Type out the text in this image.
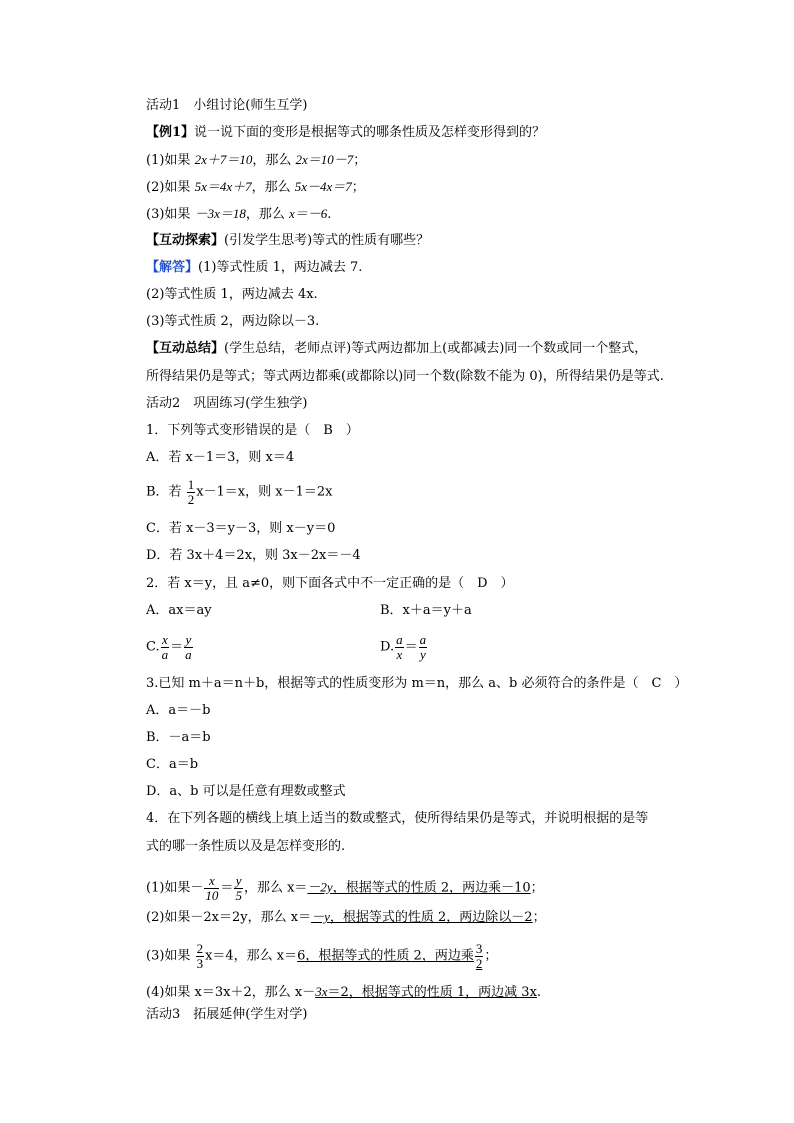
活动1　小组讨论(师生互学)
【例1】说一说下面的变形是根据等式的哪条性质及怎样变形得到的？
(1)如果 2x＋7＝10，那么 2x＝10－7；
(2)如果 5x＝4x＋7，那么 5x－4x＝7；
(3)如果 －3x＝18，那么 x＝－6.
【互动探索】(引发学生思考)等式的性质有哪些？
【解答】(1)等式性质 1，两边减去 7.
(2)等式性质 1，两边减去 4x.
(3)等式性质 2，两边除以－3.
【互动总结】(学生总结，老师点评)等式两边都加上(或都减去)同一个数或同一个整式，
所得结果仍是等式；等式两边都乘(或都除以)同一个数(除数不能为 0)，所得结果仍是等式.
活动2　巩固练习(学生独学)
1．下列等式变形错误的是（　B　）
A．若 x－1＝3，则 x＝4
B．若 $\frac{1}{2} x-1=x$，则 x－1＝2x
C．若 x－3＝y－3，则 x－y＝0
D．若 3x＋4＝2x，则 3x－2x＝－4
2．若 x＝y，且 a≠0，则下面各式中不一定正确的是（　D　）
A．ax＝ay	B．x＋a＝y＋a
C. $\frac{x}{a} = \frac{y}{a}$	D. $\frac{a}{x} = \frac{a}{y}$
3.已知 m＋a＝n＋b，根据等式的性质变形为 m＝n，那么 a、b 必须符合的条件是（　C　）
A．a＝－b
B．－a＝b
C．a＝b
D．a、b 可以是任意有理数或整式
4．在下列各题的横线上填上适当的数或整式，使所得结果仍是等式，并说明根据的是等
式的哪一条性质以及是怎样变形的.
(1)如果－ $\frac{x}{10} = \frac{y}{5}$ ，那么 x＝－2y，根据等式的性质 2，两边乘－10；
(2)如果－2x＝2y，那么 x＝－y，根据等式的性质 2，两边除以－2；
(3)如果 $\frac{2}{3} x=4$，那么 x＝6，根据等式的性质 2，两边乘 $\frac{3}{2}$ ；
(4)如果 x＝3x＋2，那么 x－3x＝2，根据等式的性质 1，两边减 3x.
活动3　拓展延伸(学生对学)
